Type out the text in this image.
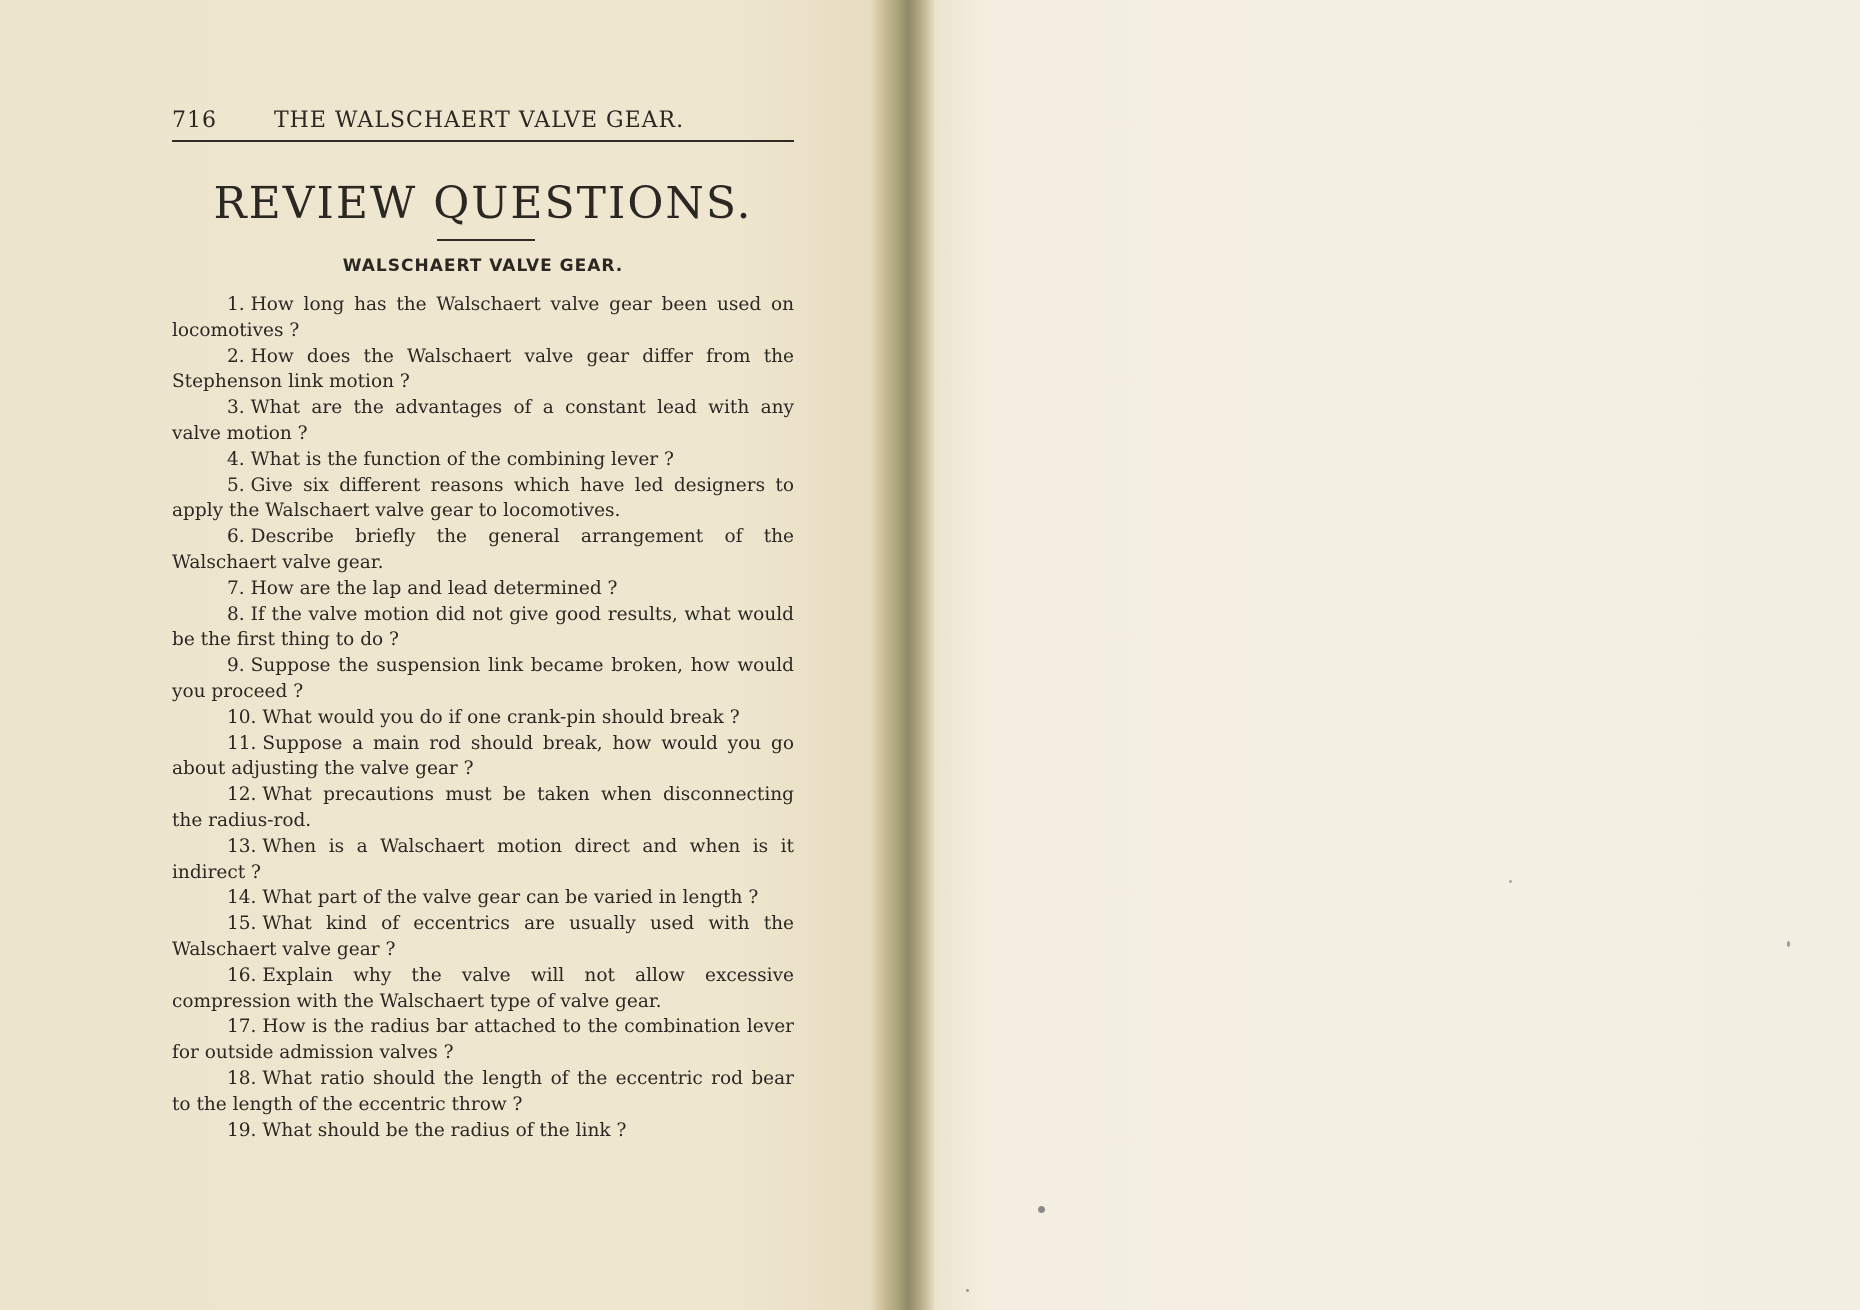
716	THE WALSCHAERT VALVE GEAR.
REVIEW QUESTIONS.
WALSCHAERT VALVE GEAR.
1. How long has the Walschaert valve gear been used on locomotives ?
2. How does the Walschaert valve gear differ from the Stephenson link motion ?
3. What are the advantages of a constant lead with any valve motion ?
4. What is the function of the combining lever ?
5. Give six different reasons which have led designers to apply the Walschaert valve gear to locomotives.
6. Describe briefly the general arrangement of the Walschaert valve gear.
7. How are the lap and lead determined ?
8. If the valve motion did not give good results, what would be the first thing to do ?
9. Suppose the suspension link became broken, how would you proceed ?
10. What would you do if one crank-pin should break ?
11. Suppose a main rod should break, how would you go about adjusting the valve gear ?
12. What precautions must be taken when disconnecting the radius-rod.
13. When is a Walschaert motion direct and when is it indirect ?
14. What part of the valve gear can be varied in length ?
15. What kind of eccentrics are usually used with the Walschaert valve gear ?
16. Explain why the valve will not allow excessive compression with the Walschaert type of valve gear.
17. How is the radius bar attached to the combination lever for outside admission valves ?
18. What ratio should the length of the eccentric rod bear to the length of the eccentric throw ?
19. What should be the radius of the link ?
